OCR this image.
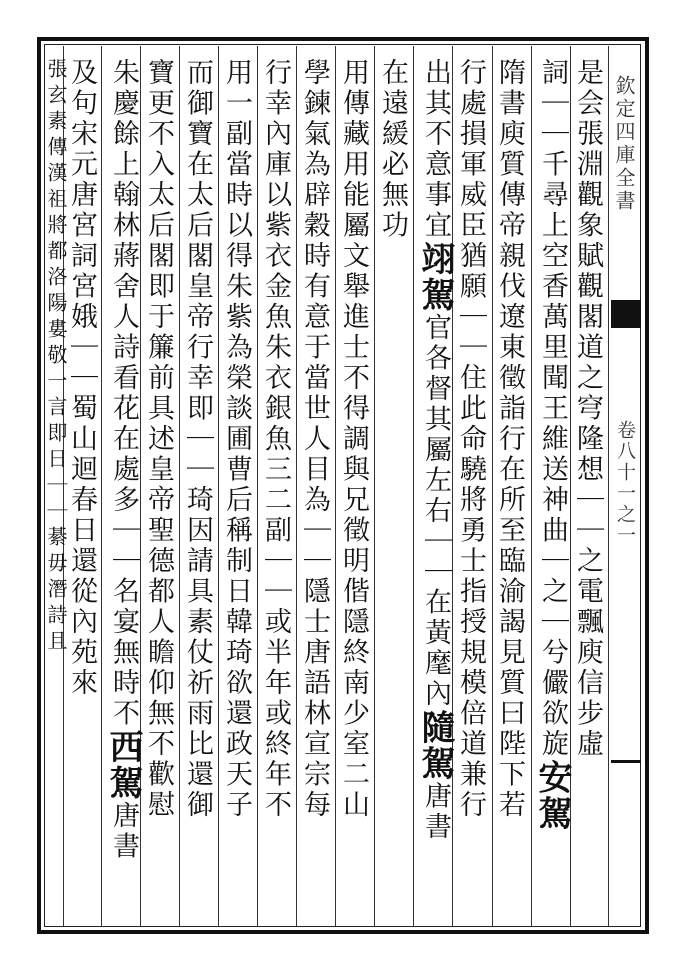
欽定四庫全書
卷八十一之一
是会張淵觀象賦觀閣道之穹隆想｜｜之電飄庾信步虛
詞｜｜千尋上空香萬里聞王維送神曲｜之｜兮儼欲旋安駕
隋書庾質傳帝親伐遼東徵詣行在所至臨渝謁見質曰陛下若
行處損軍威臣猶願｜｜住此命驍將勇士指授規模倍道兼行
出其不意事宜翊駕官各督其屬左右｜｜在黃麾內隨駕唐書
在遠緩必無功
用傳藏用能屬文舉進士不得調與兄徵明偕隱終南少室二山
學鍊氣為辟穀時有意于當世人目為｜｜隱士唐語林宣宗每
行幸內庫以紫衣金魚朱衣銀魚三二副｜｜或半年或終年不
用一副當時以得朱紫為榮談圃曹后稱制日韓琦欲還政天子
而御寶在太后閣皇帝行幸即｜｜琦因請具素仗祈雨比還御
寶更不入太后閣即于簾前具述皇帝聖德都人瞻仰無不歡慰
朱慶餘上翰林蔣舍人詩看花在處多｜｜名宴無時不西駕唐書
及句宋元唐宮詞宮娥｜｜蜀山迴春日還從內苑來
張玄素傳漢祖將都洛陽婁敬一言即日｜｜綦毋潛詩且
